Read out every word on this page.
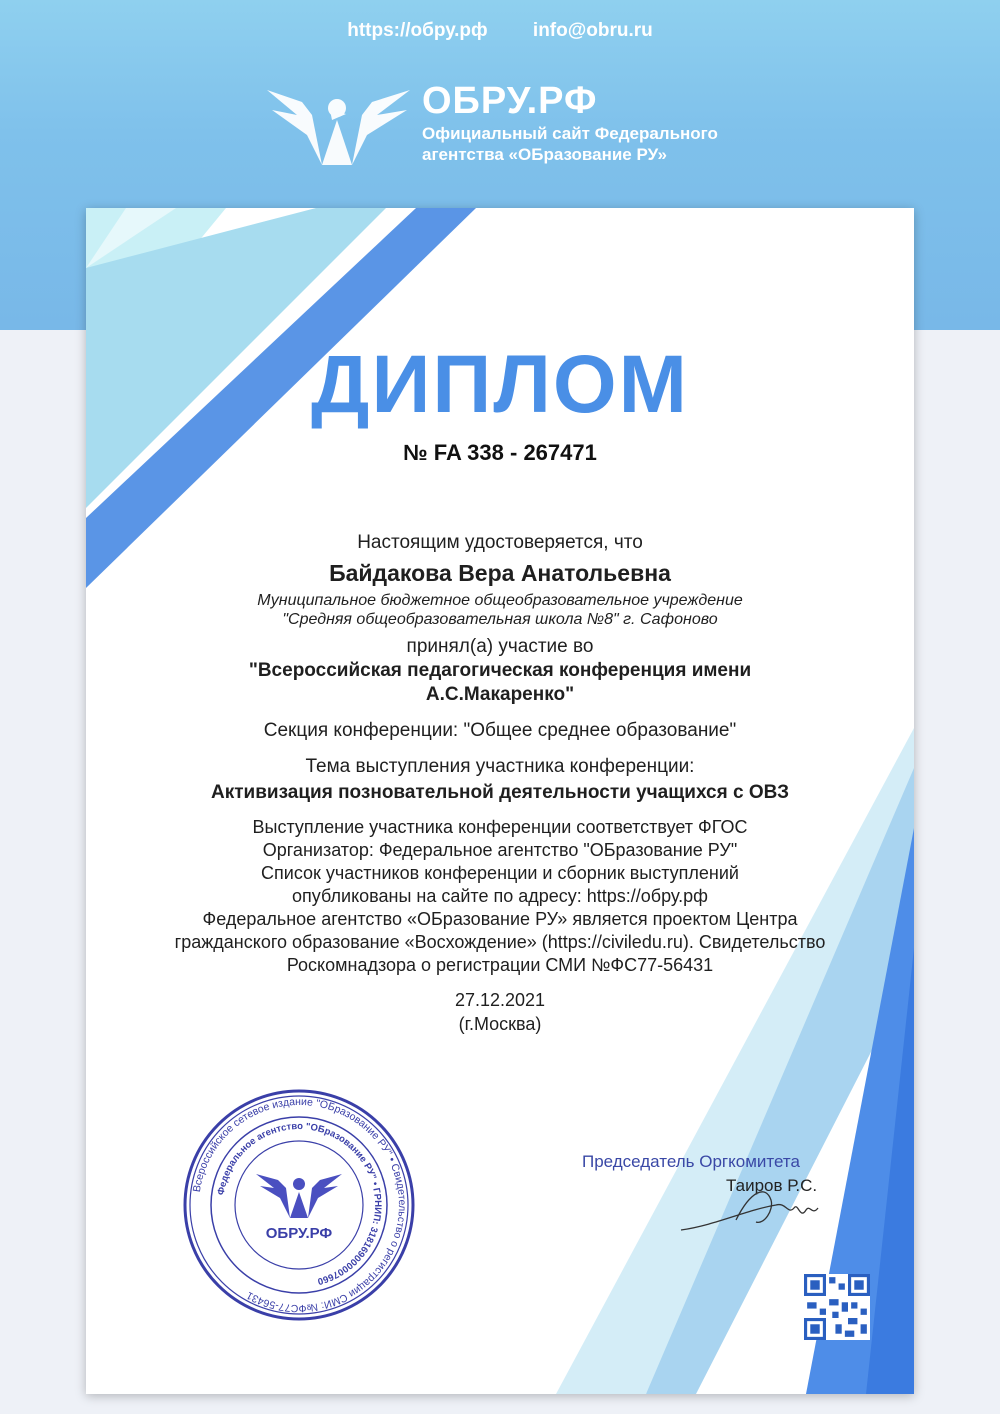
https://обру.рф info@obru.ru
ОБРУ.РФ
Официальный сайт Федерального
агентства «ОБразование РУ»
ДИПЛОМ
№ FA 338 - 267471
Настоящим удостоверяется, что
Байдакова Вера Анатольевна
Муниципальное бюджетное общеобразовательное учреждение
"Средняя общеобразовательная школа №8" г. Сафоново
принял(а) участие во
"Всероссийская педагогическая конференция имени
А.С.Макаренко"
Секция конференции: "Общее среднее образование"
Тема выступления участника конференции:
Активизация позновательной деятельности учащихся с ОВЗ
Выступление участника конференции соответствует ФГОС
Организатор: Федеральное агентство "ОБразование РУ"
Список участников конференции и сборник выступлений
опубликованы на сайте по адресу: https://обру.рф
Федеральное агентство «ОБразование РУ» является проектом Центра
гражданского образование «Восхождение» (https://civiledu.ru). Свидетельство
Роскомнадзора о регистрации СМИ №ФС77-56431
27.12.2021
(г.Москва)
Всероссийское сетевое издание "ОБразование РУ" • Свидетельство о регистрации СМИ: №ФС77-56431
Федеральное агентство "ОБразование РУ" • ГРНИП: 318169000007660
ОБРУ.РФ
Председатель Оргкомитета
Таиров Р.С.
